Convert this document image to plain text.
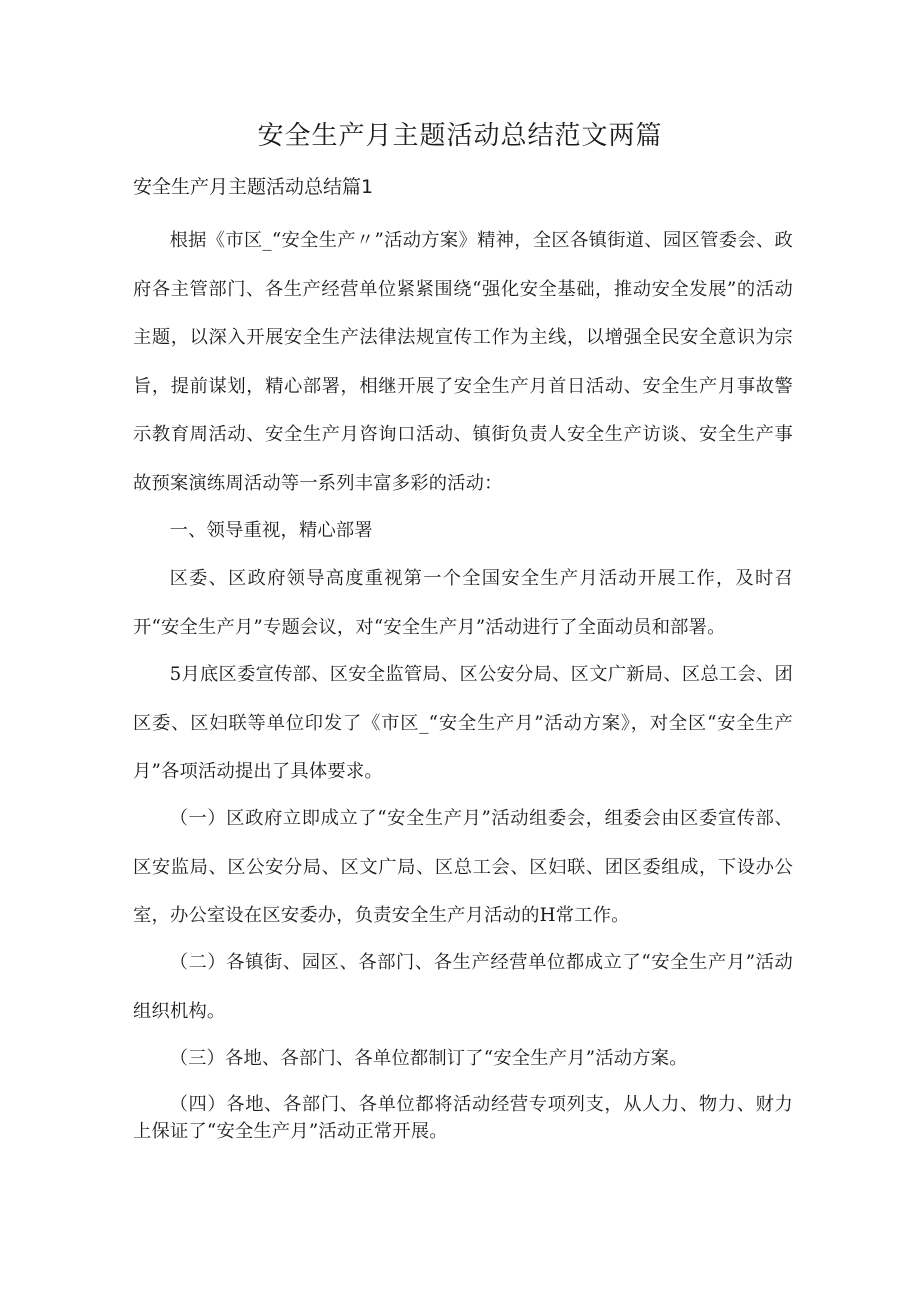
安全生产月主题活动总结范文两篇
安全生产月主题活动总结篇1

根据《市区_“安全生产〃”活动方案》精神，全区各镇街道、园区管委会、政府各主管部门、各生产经营单位紧紧围绕“强化安全基础，推动安全发展”的活动主题，以深入开展安全生产法律法规宣传工作为主线，以增强全民安全意识为宗旨，提前谋划，精心部署，相继开展了安全生产月首日活动、安全生产月事故警示教育周活动、安全生产月咨询口活动、镇街负责人安全生产访谈、安全生产事故预案演练周活动等一系列丰富多彩的活动：

一、领导重视，精心部署

区委、区政府领导高度重视第一个全国安全生产月活动开展工作，及时召开“安全生产月”专题会议，对“安全生产月”活动进行了全面动员和部署。

5月底区委宣传部、区安全监管局、区公安分局、区文广新局、区总工会、团区委、区妇联等单位印发了《市区_“安全生产月”活动方案》，对全区“安全生产月”各项活动提出了具体要求。

（一）区政府立即成立了“安全生产月”活动组委会，组委会由区委宣传部、区安监局、区公安分局、区文广局、区总工会、区妇联、团区委组成，下设办公室，办公室设在区安委办，负责安全生产月活动的H常工作。

（二）各镇街、园区、各部门、各生产经营单位都成立了“安全生产月”活动组织机构。

（三）各地、各部门、各单位都制订了“安全生产月”活动方案。

（四）各地、各部门、各单位都将活动经营专项列支，从人力、物力、财力上保证了“安全生产月”活动正常开展。
